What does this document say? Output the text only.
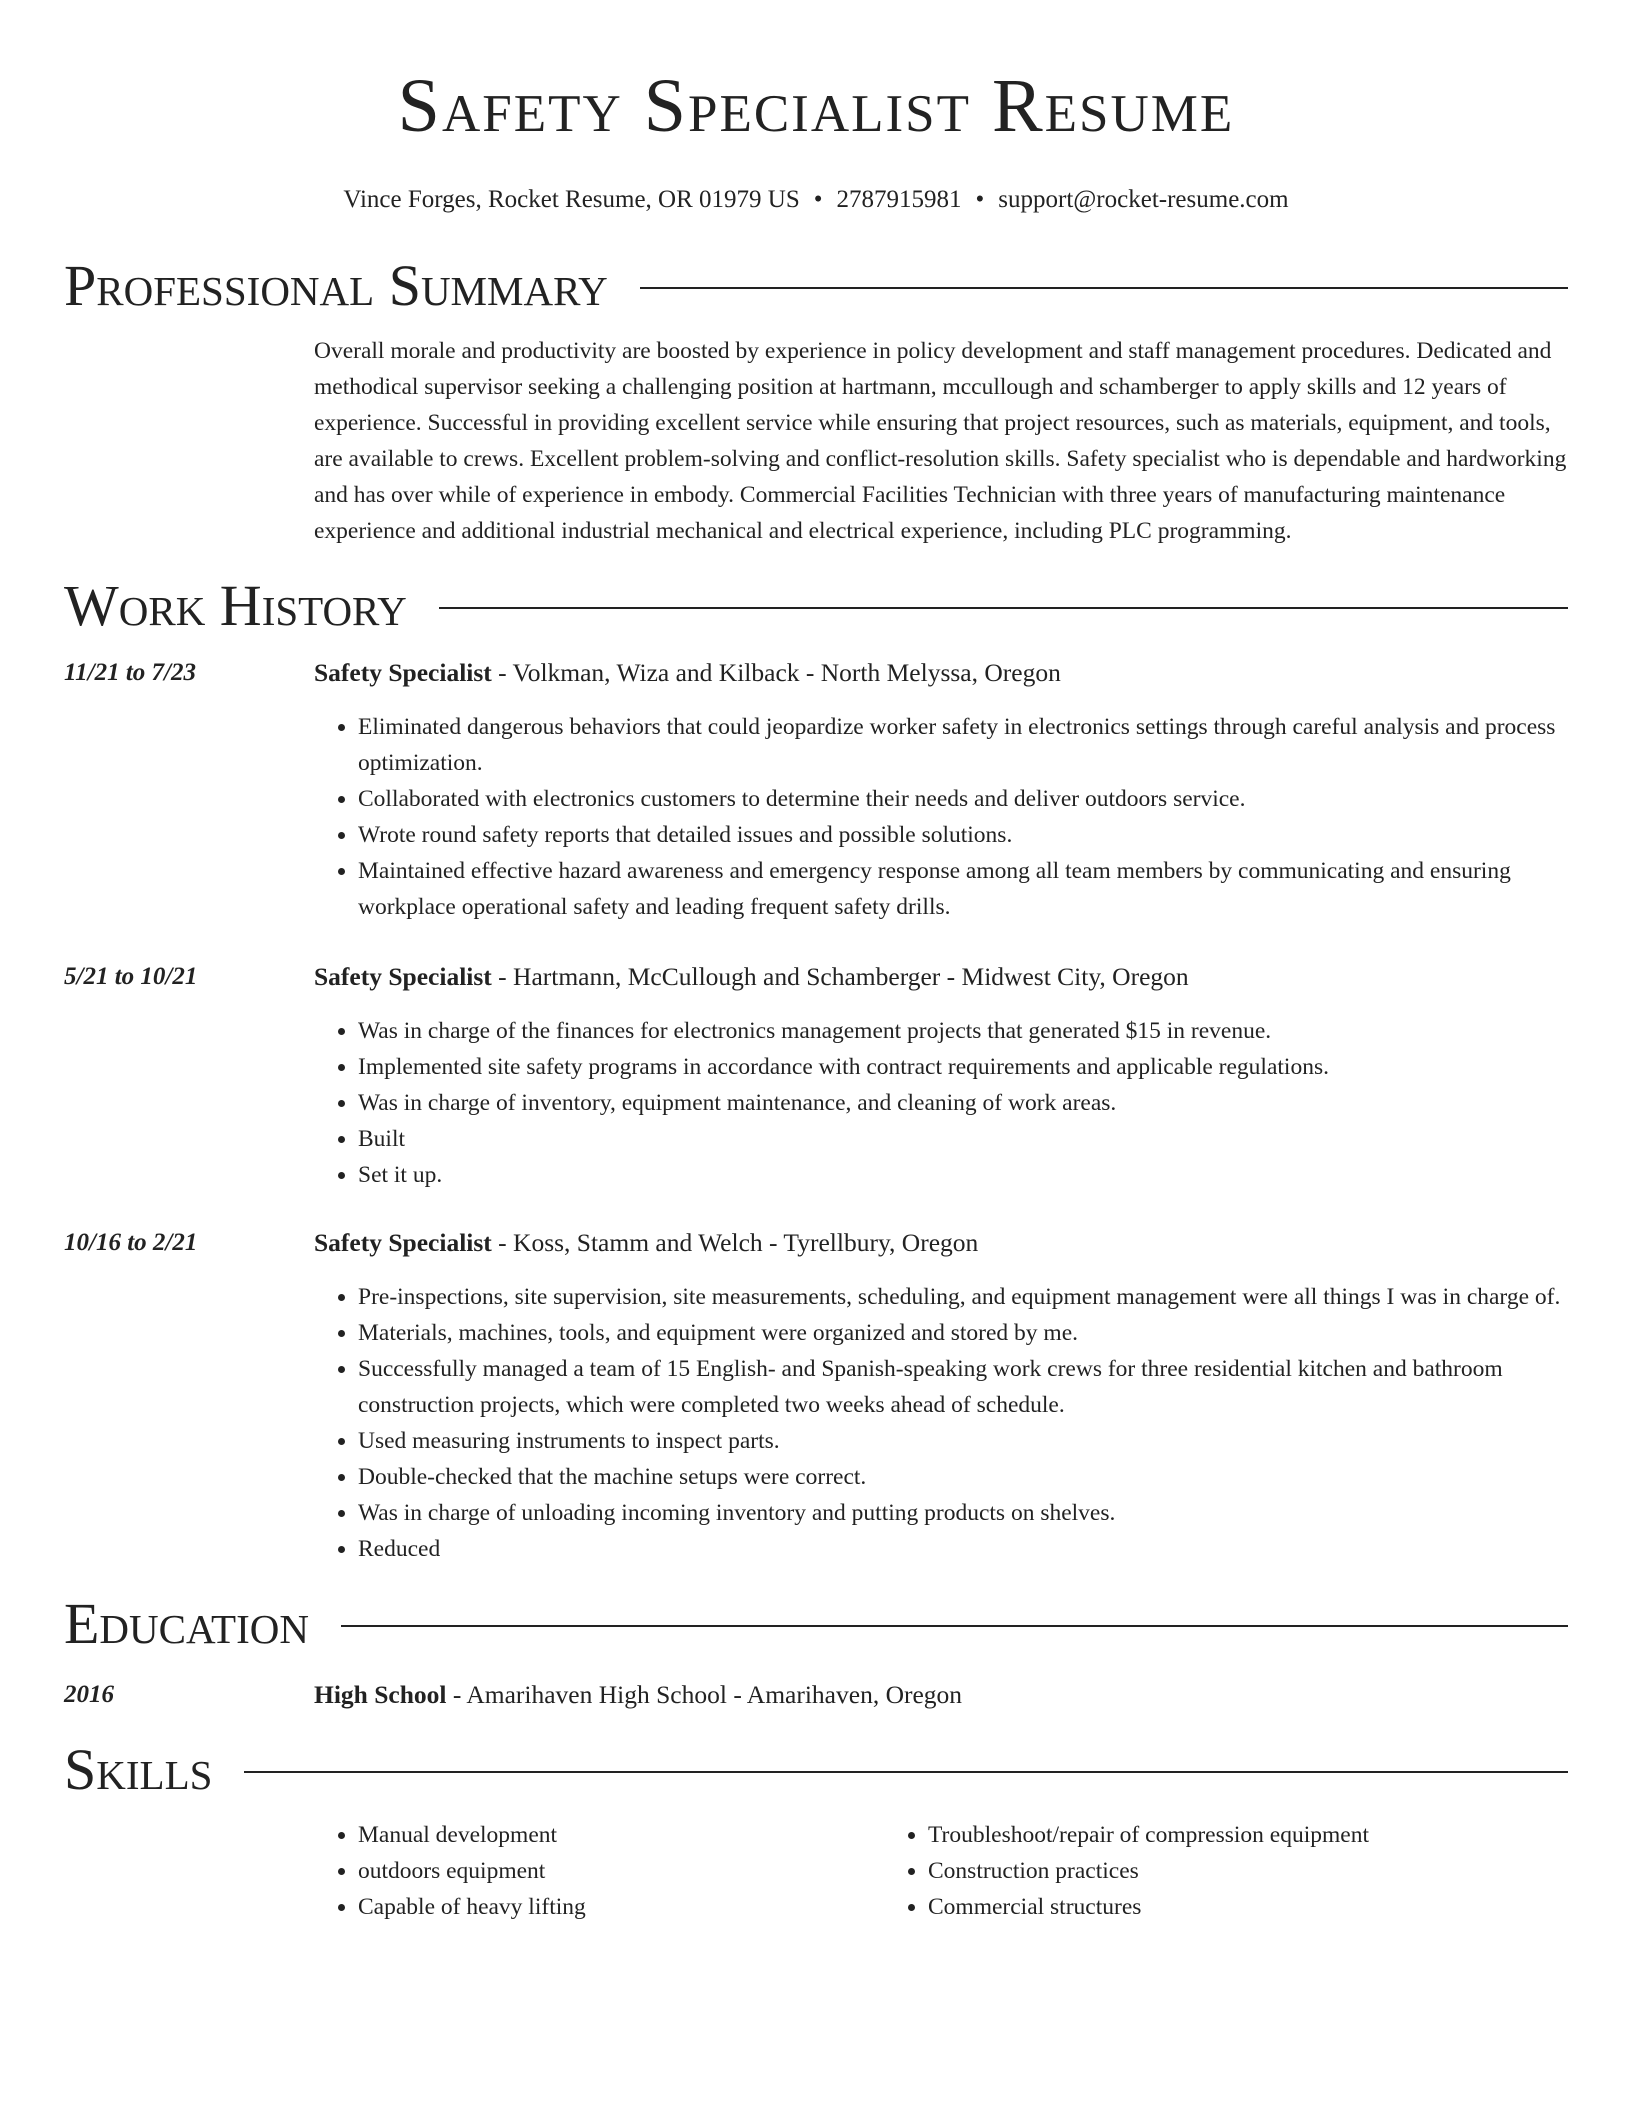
Safety Specialist Resume
Vince Forges, Rocket Resume, OR 01979 US • 2787915981 • support@rocket-resume.com
Professional Summary
Overall morale and productivity are boosted by experience in policy development and staff management procedures. Dedicated and methodical supervisor seeking a challenging position at hartmann, mccullough and schamberger to apply skills and 12 years of experience. Successful in providing excellent service while ensuring that project resources, such as materials, equipment, and tools, are available to crews. Excellent problem-solving and conflict-resolution skills. Safety specialist who is dependable and hardworking and has over while of experience in embody. Commercial Facilities Technician with three years of manufacturing maintenance experience and additional industrial mechanical and electrical experience, including PLC programming.
Work History
11/21 to 7/23	Safety Specialist - Volkman, Wiza and Kilback - North Melyssa, Oregon
• Eliminated dangerous behaviors that could jeopardize worker safety in electronics settings through careful analysis and process optimization.
• Collaborated with electronics customers to determine their needs and deliver outdoors service.
• Wrote round safety reports that detailed issues and possible solutions.
• Maintained effective hazard awareness and emergency response among all team members by communicating and ensuring workplace operational safety and leading frequent safety drills.
5/21 to 10/21	Safety Specialist - Hartmann, McCullough and Schamberger - Midwest City, Oregon
• Was in charge of the finances for electronics management projects that generated $15 in revenue.
• Implemented site safety programs in accordance with contract requirements and applicable regulations.
• Was in charge of inventory, equipment maintenance, and cleaning of work areas.
• Built
• Set it up.
10/16 to 2/21	Safety Specialist - Koss, Stamm and Welch - Tyrellbury, Oregon
• Pre-inspections, site supervision, site measurements, scheduling, and equipment management were all things I was in charge of.
• Materials, machines, tools, and equipment were organized and stored by me.
• Successfully managed a team of 15 English- and Spanish-speaking work crews for three residential kitchen and bathroom construction projects, which were completed two weeks ahead of schedule.
• Used measuring instruments to inspect parts.
• Double-checked that the machine setups were correct.
• Was in charge of unloading incoming inventory and putting products on shelves.
• Reduced
Education
2016	High School - Amarihaven High School - Amarihaven, Oregon
Skills
• Manual development
• outdoors equipment
• Capable of heavy lifting
• Troubleshoot/repair of compression equipment
• Construction practices
• Commercial structures
